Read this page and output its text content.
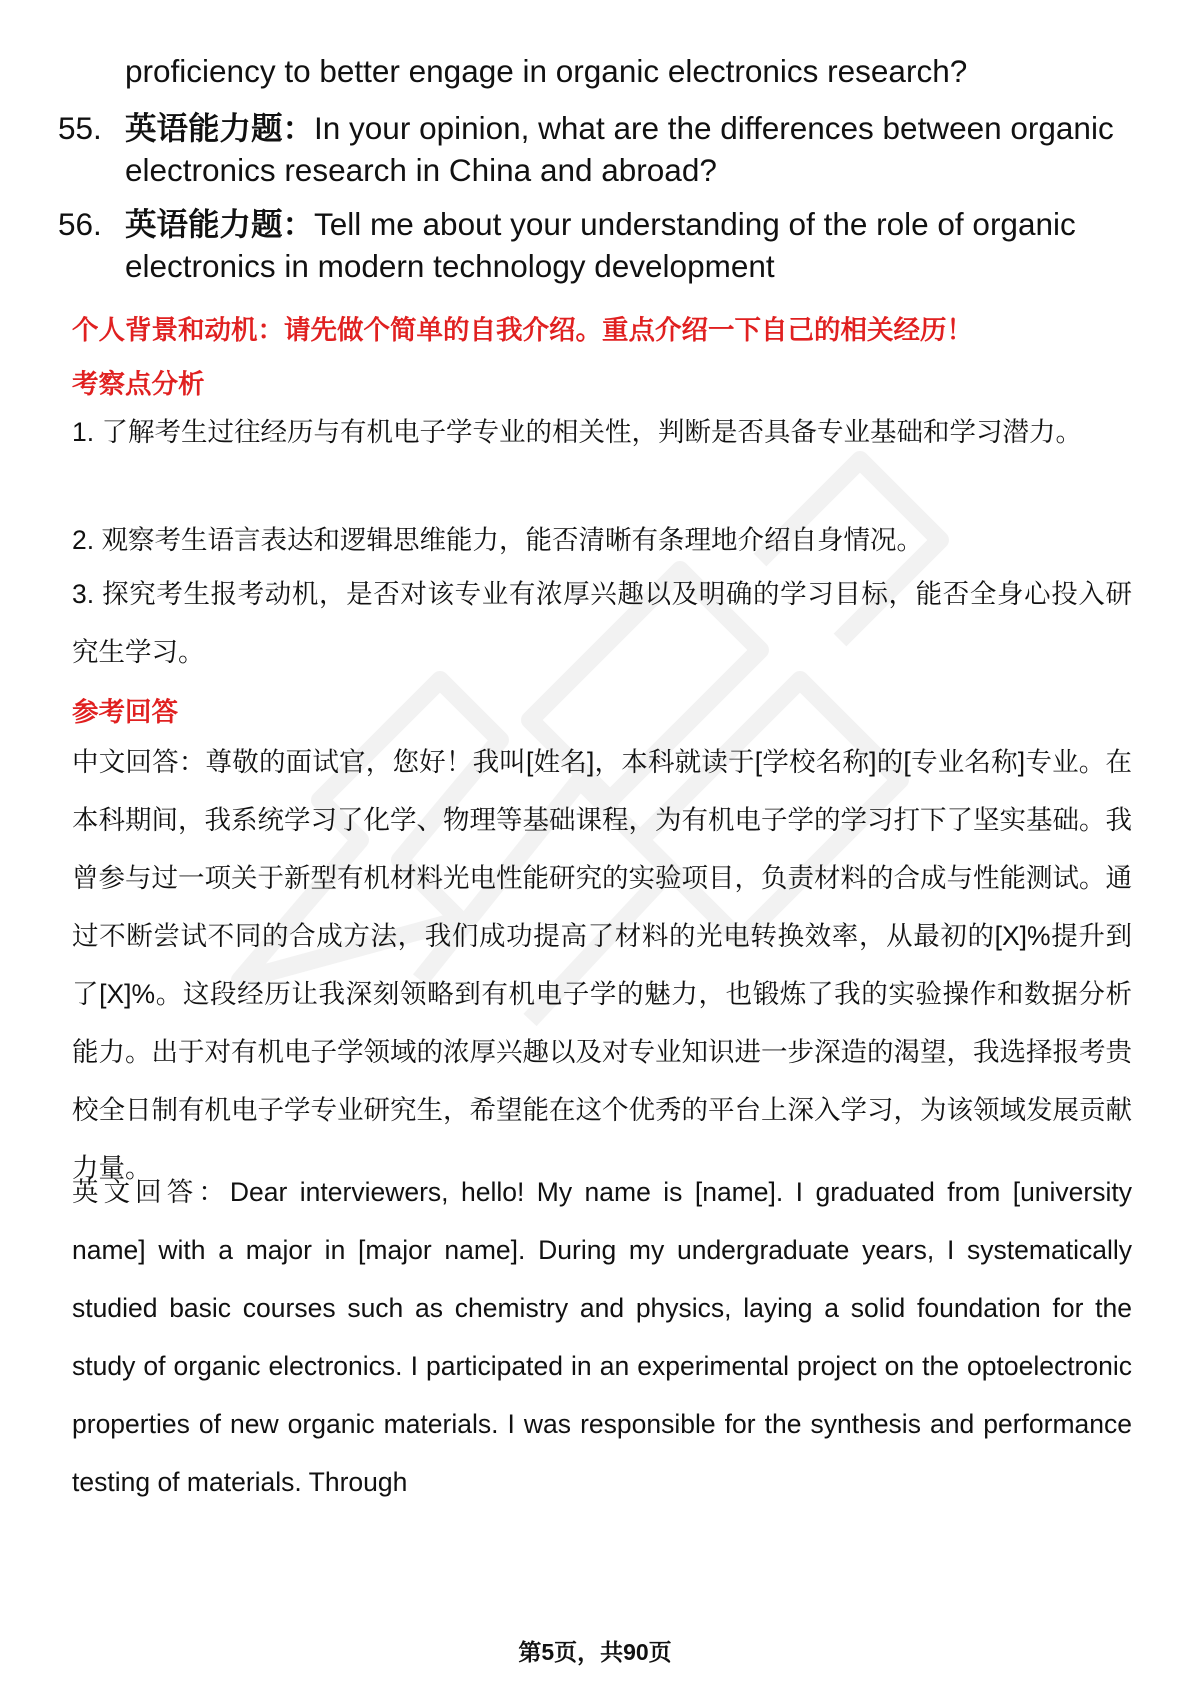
proficiency to better engage in organic electronics research?
55. 英语能力题：In your opinion, what are the differences between organic electronics research in China and abroad?
56. 英语能力题：Tell me about your understanding of the role of organic electronics in modern technology development
个人背景和动机：请先做个简单的自我介绍。重点介绍一下自己的相关经历！
考察点分析
1. 了解考生过往经历与有机电子学专业的相关性，判断是否具备专业基础和学习潜力。
2. 观察考生语言表达和逻辑思维能力，能否清晰有条理地介绍自身情况。
3. 探究考生报考动机，是否对该专业有浓厚兴趣以及明确的学习目标，能否全身心投入研究生学习。
参考回答
中文回答：尊敬的面试官，您好！我叫[姓名]，本科就读于[学校名称]的[专业名称]专业。在本科期间，我系统学习了化学、物理等基础课程，为有机电子学的学习打下了坚实基础。我曾参与过一项关于新型有机材料光电性能研究的实验项目，负责材料的合成与性能测试。通过不断尝试不同的合成方法，我们成功提高了材料的光电转换效率，从最初的[X]%提升到了[X]%。这段经历让我深刻领略到有机电子学的魅力，也锻炼了我的实验操作和数据分析能力。出于对有机电子学领域的浓厚兴趣以及对专业知识进一步深造的渴望，我选择报考贵校全日制有机电子学专业研究生，希望能在这个优秀的平台上深入学习，为该领域发展贡献力量。
英文回答：Dear interviewers, hello! My name is [name]. I graduated from [university name] with a major in [major name]. During my undergraduate years, I systematically studied basic courses such as chemistry and physics, laying a solid foundation for the study of organic electronics. I participated in an experimental project on the optoelectronic properties of new organic materials. I was responsible for the synthesis and performance testing of materials. Through
第5页，共90页
